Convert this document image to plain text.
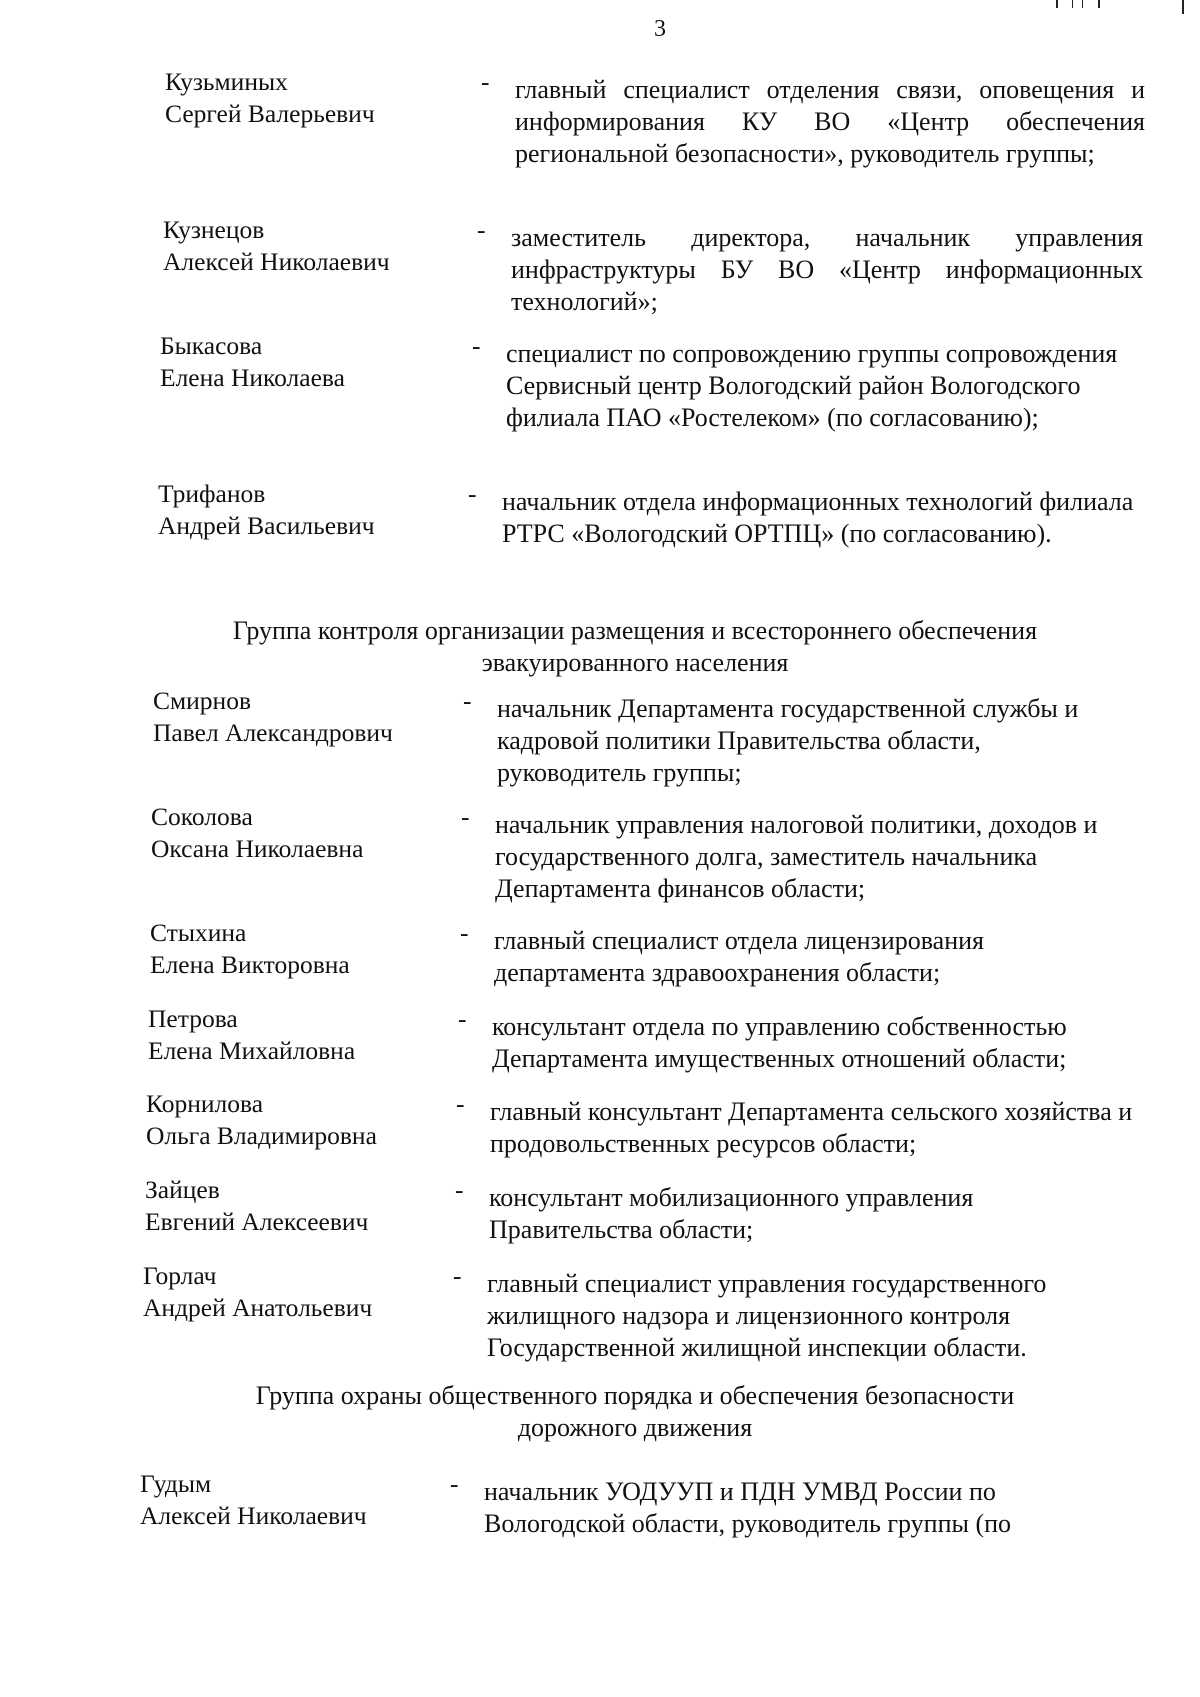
3
Кузьминых
Сергей Валерьевич
- главный специалист отделения связи, оповещения и информирования КУ ВО «Центр обеспечения региональной безопасности», руководитель группы;
Кузнецов
Алексей Николаевич
- заместитель директора, начальник управления инфраструктуры БУ ВО «Центр информационных технологий»;
Быкасова
Елена Николаева
- специалист по сопровождению группы сопровождения Сервисный центр Вологодский район Вологодского филиала ПАО «Ростелеком» (по согласованию);
Трифанов
Андрей Васильевич
- начальник отдела информационных технологий филиала РТРС «Вологодский ОРТПЦ» (по согласованию).
Группа контроля организации размещения и всестороннего обеспечения
эвакуированного населения
Смирнов
Павел Александрович
- начальник Департамента государственной службы и кадровой политики Правительства области, руководитель группы;
Соколова
Оксана Николаевна
- начальник управления налоговой политики, доходов и государственного долга, заместитель начальника Департамента финансов области;
Стыхина
Елена Викторовна
- главный специалист отдела лицензирования департамента здравоохранения области;
Петрова
Елена Михайловна
- консультант отдела по управлению собственностью Департамента имущественных отношений области;
Корнилова
Ольга Владимировна
- главный консультант Департамента сельского хозяйства и продовольственных ресурсов области;
Зайцев
Евгений Алексеевич
- консультант мобилизационного управления Правительства области;
Горлач
Андрей Анатольевич
- главный специалист управления государственного жилищного надзора и лицензионного контроля Государственной жилищной инспекции области.
Группа охраны общественного порядка и обеспечения безопасности
дорожного движения
Гудым
Алексей Николаевич
- начальник УОДУУП и ПДН УМВД России по Вологодской области, руководитель группы (по
